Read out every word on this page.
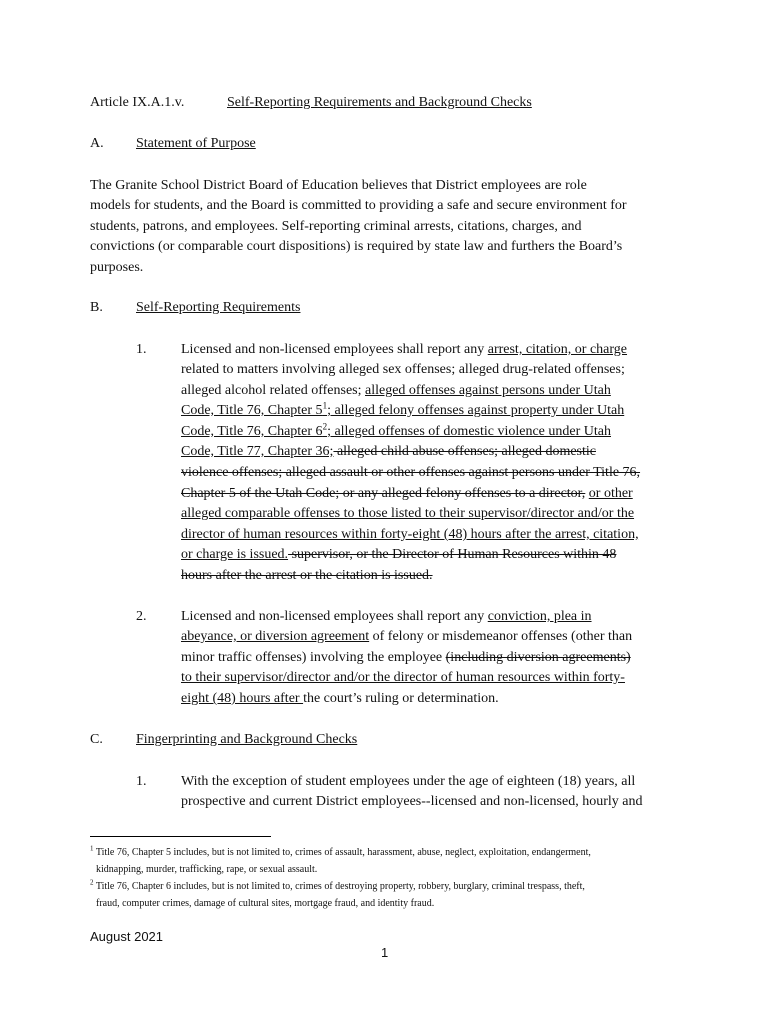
Article IX.A.1.v.	Self-Reporting Requirements and Background Checks
A. Statement of Purpose
The Granite School District Board of Education believes that District employees are role
models for students, and the Board is committed to providing a safe and secure environment for
students, patrons, and employees. Self-reporting criminal arrests, citations, charges, and
convictions (or comparable court dispositions) is required by state law and furthers the Board’s
purposes.
B. Self-Reporting Requirements
1. Licensed and non-licensed employees shall report any arrest, citation, or charge
related to matters involving alleged sex offenses; alleged drug-related offenses;
alleged alcohol related offenses; alleged offenses against persons under Utah
Code, Title 76, Chapter $5^1$; alleged felony offenses against property under Utah
Code, Title 76, Chapter $6^2$; alleged offenses of domestic violence under Utah
Code, Title 77, Chapter 36; alleged child abuse offenses; alleged domestic
violence offenses; alleged assault or other offenses against persons under Title 76,
Chapter 5 of the Utah Code; or any alleged felony offenses to a director, or other
alleged comparable offenses to those listed to their supervisor/director and/or the
director of human resources within forty-eight (48) hours after the arrest, citation,
or charge is issued. supervisor, or the Director of Human Resources within 48
hours after the arrest or the citation is issued.
2. Licensed and non-licensed employees shall report any conviction, plea in
abeyance, or diversion agreement of felony or misdemeanor offenses (other than
minor traffic offenses) involving the employee (including diversion agreements)
to their supervisor/director and/or the director of human resources within forty-
eight (48) hours after the court’s ruling or determination.
C. Fingerprinting and Background Checks
1. With the exception of student employees under the age of eighteen (18) years, all
prospective and current District employees--licensed and non-licensed, hourly and
$^1$ Title 76, Chapter 5 includes, but is not limited to, crimes of assault, harassment, abuse, neglect, exploitation, endangerment,
kidnapping, murder, trafficking, rape, or sexual assault.
$^2$ Title 76, Chapter 6 includes, but is not limited to, crimes of destroying property, robbery, burglary, criminal trespass, theft,
fraud, computer crimes, damage of cultural sites, mortgage fraud, and identity fraud.
August 2021
1
